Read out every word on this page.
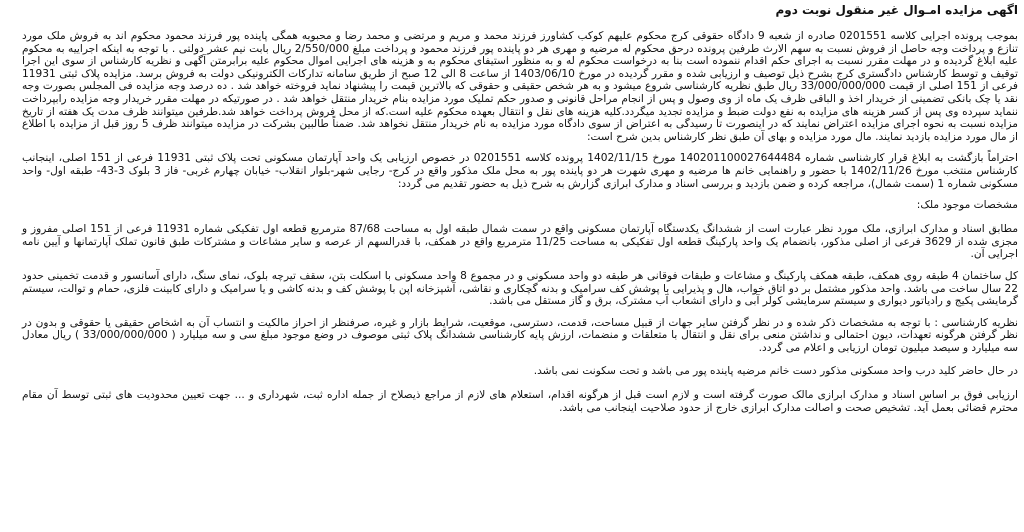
اگهی مزایده امـوال غیر منقول نوبت دوم

بموجب پرونده اجرایی کلاسه 0201551 صادره از شعبه 9 دادگاه حقوقی کرج محکوم علیهم کوکب کشاورز فرزند محمد و مریم و مرتضی و محمد رضا و محبوبه همگی پاینده پور فرزند محمود محکوم اند به فروش ملک مورد تنازع و پرداخت وجه حاصل از فروش نسبت به سهم الارث طرفین پرونده درحق محکوم له مرضیه و مهری هر دو پاینده پور فرزند محمود و پرداخت مبلغ 2/550/000 ریال بابت نیم عشر دولتی . با توجه به اینکه اجراییه به محکوم علیه ابلاغ گردیده و در مهلت مقرر نسبت به اجرای حکم اقدام ننموده است بنا به درخواست محکوم له و به منظور استیفای محکوم به و هزینه های اجرایی اموال محکوم علیه برابرمتن آگهی و نظریه کارشناس از سوی این اجرا توقیف و توسط کارشناس دادگستری کرج بشرح ذیل توصیف و ارزیابی شده و مقرر گردیده در مورخ 1403/06/10 از ساعت 8 الی 12 صبح از طریق سامانه تدارکات الکترونیکی دولت به فروش برسد. مزایده پلاک ثبتی 11931 فرعی از 151 اصلی از قیمت 33/000/000/000 ریال طبق نظریه کارشناسی شروع میشود و به هر شخص حقیقی و حقوقی که بالاترین قیمت را پیشنهاد نماید فروخته خواهد شد . ده درصد وجه مزایده فی المجلس بصورت وجه نقد یا چک بانکی تضمینی از خریدار اخذ و الباقی ظرف یک ماه از وی وصول و پس از انجام مراحل قانونی و صدور حکم تملیک مورد مزایده بنام خریدار منتقل خواهد شد . در صورتیکه در مهلت مقرر خریدار وجه مزایده رابپرداخت ننماید سپرده وی پس از کسر هزینه های مزایده به نفع دولت ضبط و مزایده تجدید میگردد.کلیه هزینه های نقل و انتقال بعهده محکوم علیه است.که از محل فروش پرداخت خواهد شد.طرفین میتوانند ظرف مدت یک هفته از تاریخ مزایده نسبت به نحوه اجرای مزایده اعتراض نمایند که در اینصورت تا رسیدگی به اعتراض از سوی دادگاه مورد مزایده به نام خریدار منتقل نخواهد شد. ضمناً طالبین بشرکت در مزایده میتوانند ظرف 5 روز قبل از مزایده با اطلاع از مال مورد مزایده بازدید نمایند. مال مورد مزایده و بهای آن طبق نظر کارشناس بدین شرح است:

احتراماً بازگشت به ابلاغ قرار کارشناسی شماره 140201100027644484 مورخ 1402/11/15 پرونده کلاسه 0201551 در خصوص ارزیابی یک واحد آپارتمان مسکونی تحت پلاک ثبتی 11931 فرعی از 151 اصلی، اینجانب کارشناس منتخب مورخ 1402/11/26 با حضور و راهنمایی خانم ها مرضیه و مهری شهرت هر دو پاینده پور به محل ملک مذکور واقع در کرج- رجایی شهر-بلوار انقلاب- خیابان چهارم غربی- فاز 3 بلوک 3-43- طبقه اول- واحد مسکونی شماره 1 (سمت شمال)، مراجعه کرده و ضمن بازدید و بررسی اسناد و مدارک ابرازی گزارش به شرح ذیل به حضور تقدیم می گردد:

مشخصات موجود ملک:

مطابق اسناد و مدارک ابرازی، ملک مورد نظر عبارت است از ششدانگ یکدستگاه آپارتمان مسکونی واقع در سمت شمال طبقه اول به مساحت 87/68 مترمربع قطعه اول تفکیکی شماره 11931 فرعی از 151 اصلی مفروز و مجزی شده از 3629 فرعی از اصلی مذکور، بانضمام یک واحد پارکینگ قطعه اول تفکیکی به مساحت 11/25 مترمربع واقع در همکف، با قدرالسهم از عرصه و سایر مشاعات و مشترکات طبق قانون تملک آپارتمانها و آیین نامه اجرایی آن.

کل ساختمان 4 طبقه روی همکف، طبقه همکف پارکینگ و مشاعات و طبقات فوقانی هر طبقه دو واحد مسکونی و در مجموع 8 واحد مسکونی با اسکلت بتن، سقف تیرچه بلوک، نمای سنگ، دارای آسانسور و قدمت تخمینی حدود 22 سال ساخت می باشد. واحد مذکور مشتمل بر دو اتاق خواب، هال و پذیرایی با پوشش کف سرامیک و بدنه گچکاری و نقاشی، آشپزخانه اپن با پوشش کف و بدنه کاشی و یا سرامیک و دارای کابینت فلزی، حمام و توالت، سیستم گرمایشی پکیج و رادیاتور دیواری و سیستم سرمایشی کولر آبی و دارای انشعاب آب مشترک، برق و گاز مستقل می باشد.

نظریه کارشناسی : با توجه به مشخصات ذکر شده و در نظر گرفتن سایر جهات از قبیل مساحت، قدمت، دسترسی، موقعیت، شرایط بازار و غیره، صرفنظر از احراز مالکیت و انتساب آن به اشخاص حقیقی یا حقوقی و بدون در نظر گرفتن هرگونه تعهدات، دیون احتمالی و نداشتن منعی برای نقل و انتقال با متعلقات و منضمات، ارزش پایه کارشناسی ششدانگ پلاک ثبتی موصوف در وضع موجود مبلغ سی و سه میلیارد ( 33/000/000/000 ) ریال معادل سه میلیارد و سیصد میلیون تومان ارزیابی و اعلام می گردد.

در حال حاضر کلید درب واحد مسکونی مذکور دست خانم مرضیه پاینده پور می باشد و تحت سکونت نمی باشد.

ارزیابی فوق بر اساس اسناد و مدارک ابرازی مالک صورت گرفته است و لازم است قبل از هرگونه اقدام، استعلام های لازم از مراجع ذیصلاح از جمله اداره ثبت، شهرداری و ... جهت تعیین محدودیت های ثبتی توسط آن مقام محترم قضائی بعمل آید. تشخیص صحت و اصالت مدارک ابرازی خارج از حدود صلاحیت اینجانب می باشد.
